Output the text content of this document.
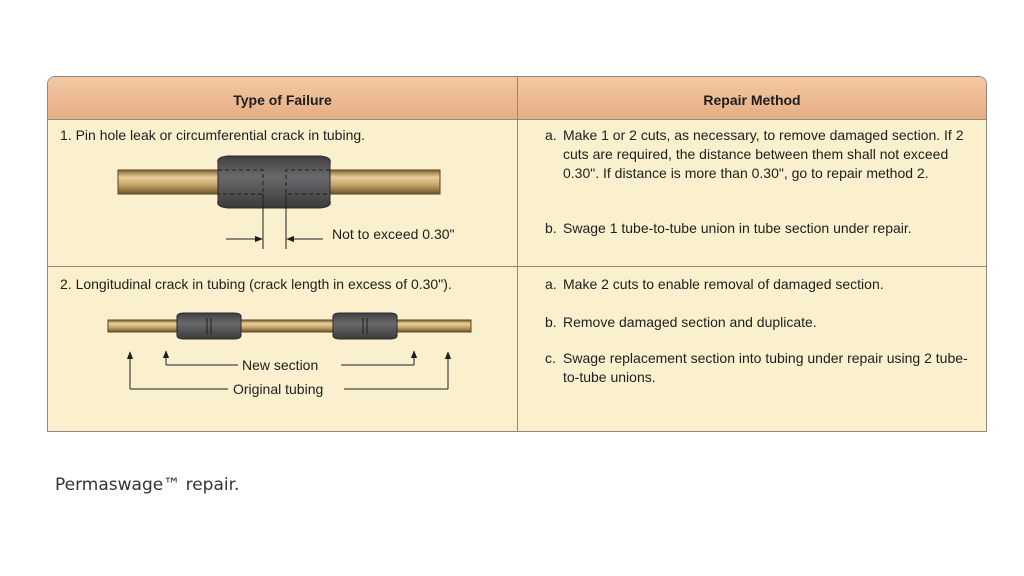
Type of Failure	Repair Method
1. Pin hole leak or circumferential crack in tubing.	a. Make 1 or 2 cuts, as necessary, to remove damaged section. If 2 cuts are required, the distance between them shall not exceed 0.30". If distance is more than 0.30", go to repair method 2.
b. Swage 1 tube-to-tube union in tube section under repair.
2. Longitudinal crack in tubing (crack length in excess of 0.30").	a. Make 2 cuts to enable removal of damaged section.
b. Remove damaged section and duplicate.
c. Swage replacement section into tubing under repair using 2 tube-to-tube unions.
Not to exceed 0.30"
New section
Original tubing
Permaswage™ repair.
